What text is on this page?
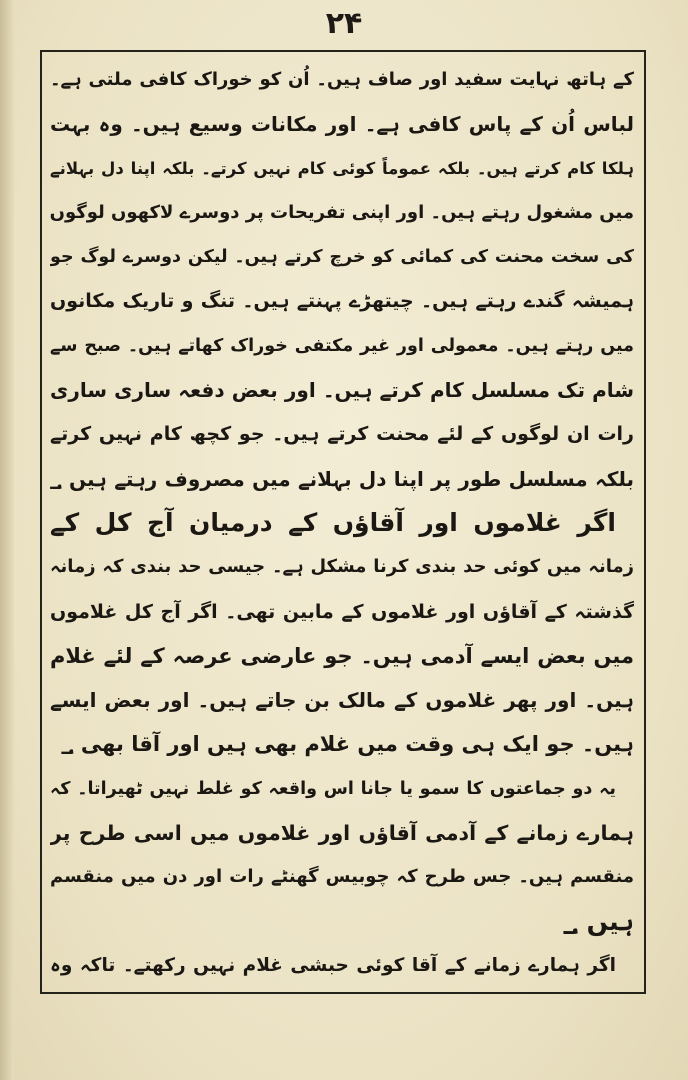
۲۴
کے ہاتھ نہایت سفید اور صاف ہیں۔ اُن کو خوراک کافی ملتی ہے۔
لباس اُن کے پاس کافی ہے۔ اور مکانات وسیع ہیں۔ وہ بہت
ہلکا کام کرتے ہیں۔ بلکہ عموماً کوئی کام نہیں کرتے۔ بلکہ اپنا دل بہلانے
میں مشغول رہتے ہیں۔ اور اپنی تفریحات پر دوسرے لاکھوں لوگوں
کی سخت محنت کی کمائی کو خرچ کرتے ہیں۔ لیکن دوسرے لوگ جو
ہمیشہ گندے رہتے ہیں۔ چیتھڑے پہنتے ہیں۔ تنگ و تاریک مکانوں
میں رہتے ہیں۔ معمولی اور غیر مکتفی خوراک کھاتے ہیں۔ صبح سے
شام تک مسلسل کام کرتے ہیں۔ اور بعض دفعہ ساری ساری
رات ان لوگوں کے لئے محنت کرتے ہیں۔ جو کچھ کام نہیں کرتے
بلکہ مسلسل طور پر اپنا دل بہلانے میں مصروف رہتے ہیں ؀
اگر غلاموں اور آقاؤں کے درمیان آج کل کے
زمانہ میں کوئی حد بندی کرنا مشکل ہے۔ جیسی حد بندی کہ زمانہ
گذشتہ کے آقاؤں اور غلاموں کے مابین تھی۔ اگر آج کل غلاموں
میں بعض ایسے آدمی ہیں۔ جو عارضی عرصہ کے لئے غلام
ہیں۔ اور پھر غلاموں کے مالک بن جاتے ہیں۔ اور بعض ایسے
ہیں۔ جو ایک ہی وقت میں غلام بھی ہیں اور آقا بھی ؀
یہ دو جماعتوں کا سمو یا جانا اس واقعہ کو غلط نہیں ٹھیراتا۔ کہ
ہمارے زمانے کے آدمی آقاؤں اور غلاموں میں اسی طرح پر
منقسم ہیں۔ جس طرح کہ چوبیس گھنٹے رات اور دن میں منقسم
ہیں ؀
اگر ہمارے زمانے کے آقا کوئی حبشی غلام نہیں رکھتے۔ تاکہ وہ
